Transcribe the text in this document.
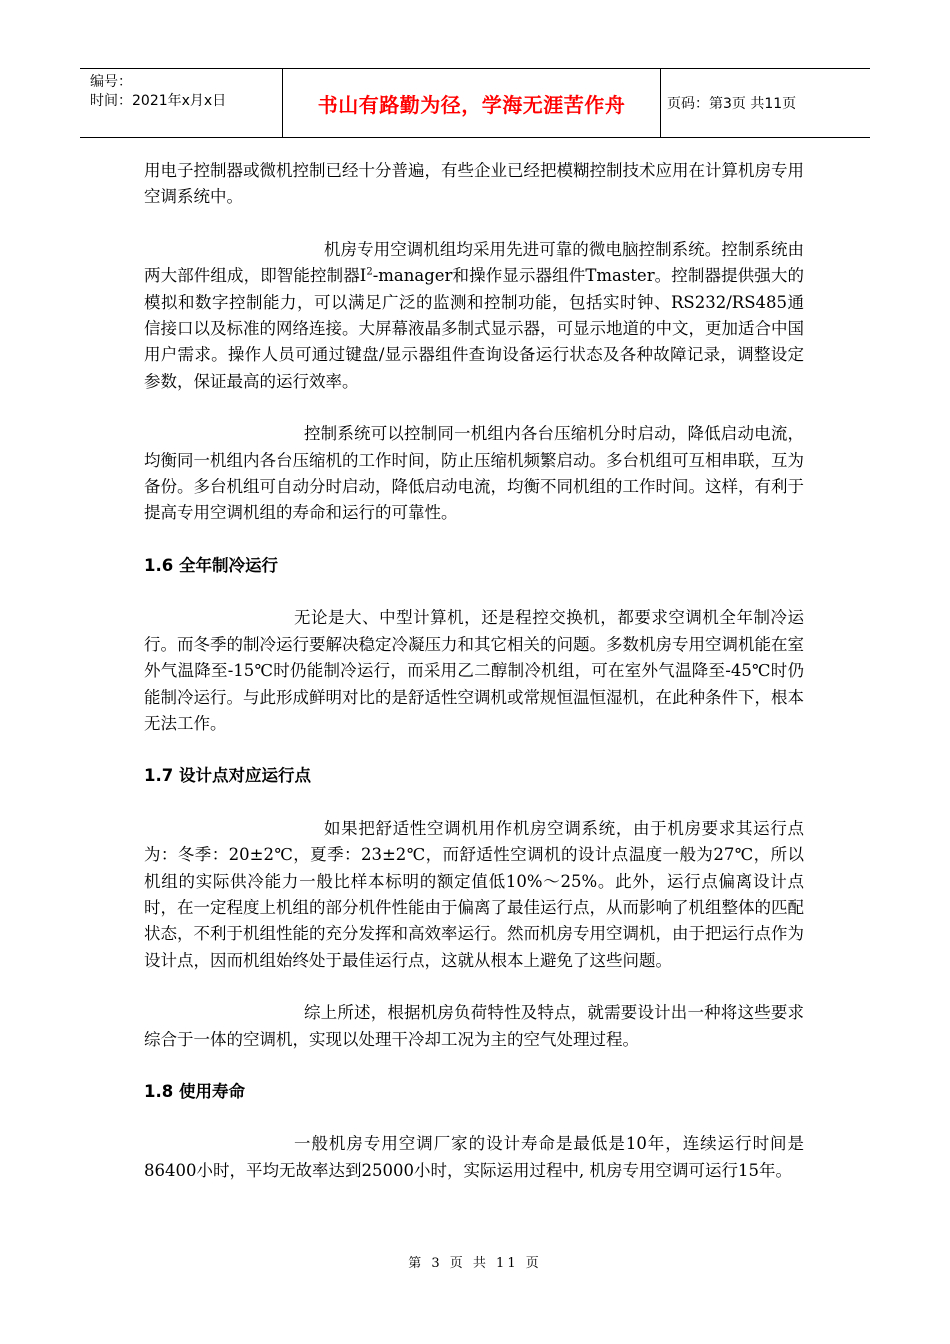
编号：
时间：2021年x月x日	书山有路勤为径，学海无涯苦作舟	页码：第3页 共11页

用电子控制器或微机控制已经十分普遍，有些企业已经把模糊控制技术应用在计算机房专用空调系统中。

机房专用空调机组均采用先进可靠的微电脑控制系统。控制系统由两大部件组成，即智能控制器$I^2$-manager和操作显示器组件Tmaster。控制器提供强大的模拟和数字控制能力，可以满足广泛的监测和控制功能，包括实时钟、RS232/RS485通信接口以及标准的网络连接。大屏幕液晶多制式显示器，可显示地道的中文，更加适合中国用户需求。操作人员可通过键盘/显示器组件查询设备运行状态及各种故障记录，调整设定参数，保证最高的运行效率。

控制系统可以控制同一机组内各台压缩机分时启动，降低启动电流，均衡同一机组内各台压缩机的工作时间，防止压缩机频繁启动。多台机组可互相串联，互为备份。多台机组可自动分时启动，降低启动电流，均衡不同机组的工作时间。这样，有利于提高专用空调机组的寿命和运行的可靠性。

1.6 全年制冷运行

无论是大、中型计算机，还是程控交换机，都要求空调机全年制冷运行。而冬季的制冷运行要解决稳定冷凝压力和其它相关的问题。多数机房专用空调机能在室外气温降至-15℃时仍能制冷运行，而采用乙二醇制冷机组，可在室外气温降至-45℃时仍能制冷运行。与此形成鲜明对比的是舒适性空调机或常规恒温恒湿机，在此种条件下，根本无法工作。

1.7 设计点对应运行点

如果把舒适性空调机用作机房空调系统，由于机房要求其运行点为：冬季：20±2℃，夏季：23±2℃，而舒适性空调机的设计点温度一般为27℃，所以机组的实际供冷能力一般比样本标明的额定值低10%～25%。此外，运行点偏离设计点时，在一定程度上机组的部分机件性能由于偏离了最佳运行点，从而影响了机组整体的匹配状态，不利于机组性能的充分发挥和高效率运行。然而机房专用空调机，由于把运行点作为设计点，因而机组始终处于最佳运行点，这就从根本上避免了这些问题。

综上所述，根据机房负荷特性及特点，就需要设计出一种将这些要求综合于一体的空调机，实现以处理干冷却工况为主的空气处理过程。

1.8 使用寿命

一般机房专用空调厂家的设计寿命是最低是10年，连续运行时间是86400小时，平均无故率达到25000小时，实际运用过程中, 机房专用空调可运行15年。

第 3 页 共 11 页
